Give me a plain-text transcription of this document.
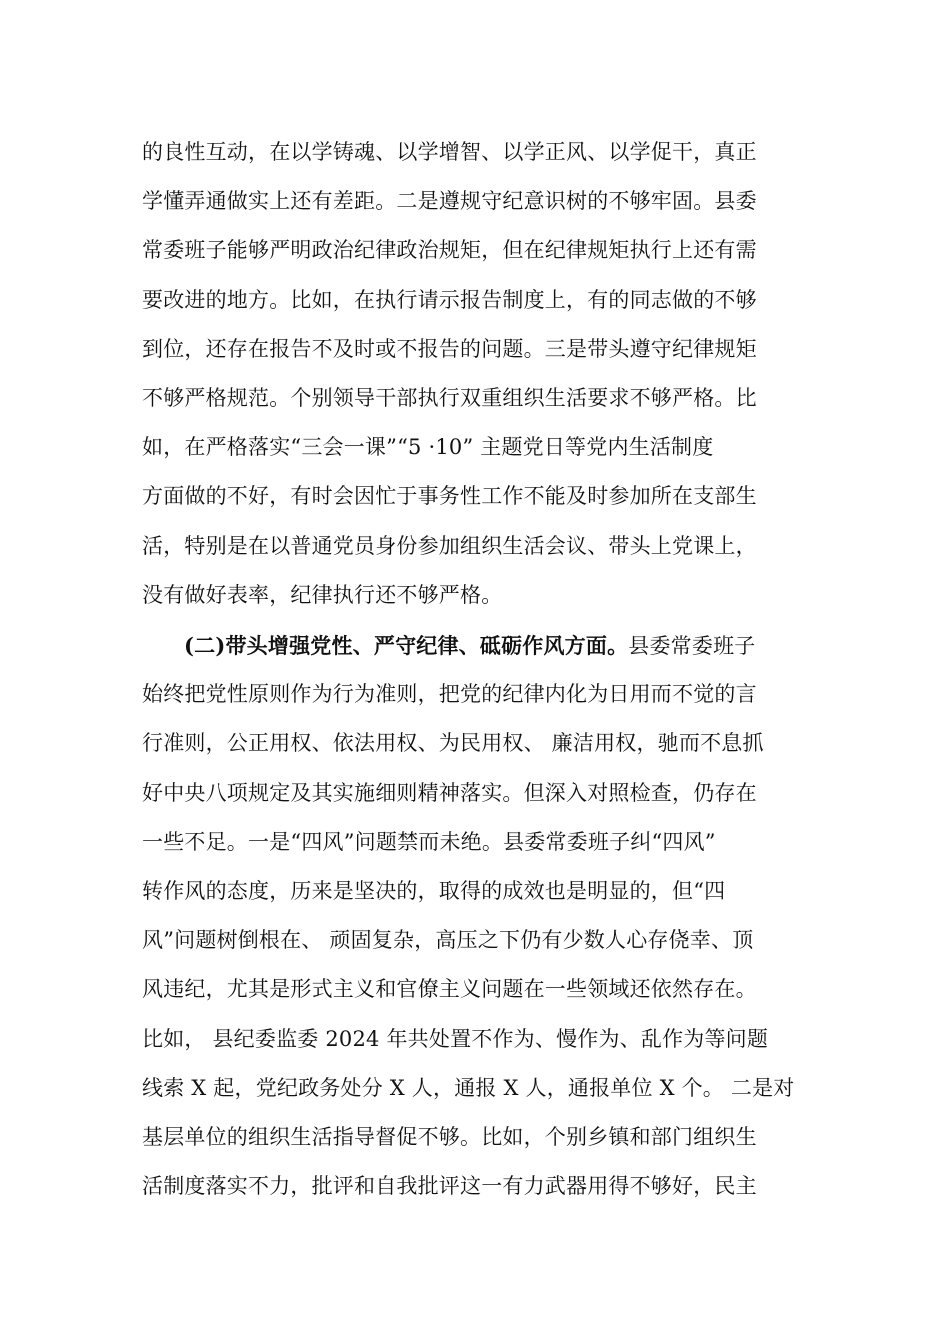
的良性互动，在以学铸魂、以学增智、以学正风、以学促干，真正
学懂弄通做实上还有差距。二是遵规守纪意识树的不够牢固。县委
常委班子能够严明政治纪律政治规矩，但在纪律规矩执行上还有需
要改进的地方。比如，在执行请示报告制度上，有的同志做的不够
到位，还存在报告不及时或不报告的问题。三是带头遵守纪律规矩
不够严格规范。个别领导干部执行双重组织生活要求不够严格。比
如，在严格落实“三会一课”“5 ·10” 主题党日等党内生活制度
方面做的不好，有时会因忙于事务性工作不能及时参加所在支部生
活，特别是在以普通党员身份参加组织生活会议、带头上党课上，
没有做好表率，纪律执行还不够严格。
(二)带头增强党性、严守纪律、砥砺作风方面。县委常委班子
始终把党性原则作为行为准则，把党的纪律内化为日用而不觉的言
行准则，公正用权、依法用权、为民用权、 廉洁用权，驰而不息抓
好中央八项规定及其实施细则精神落实。但深入对照检查，仍存在
一些不足。一是“四风”问题禁而未绝。县委常委班子纠“四风”
转作风的态度，历来是坚决的，取得的成效也是明显的，但“四
风”问题树倒根在、 顽固复杂，高压之下仍有少数人心存侥幸、顶
风违纪，尤其是形式主义和官僚主义问题在一些领域还依然存在。
比如， 县纪委监委 2024 年共处置不作为、慢作为、乱作为等问题
线索 X 起，党纪政务处分 X 人，通报 X 人，通报单位 X 个。 二是对
基层单位的组织生活指导督促不够。比如，个别乡镇和部门组织生
活制度落实不力，批评和自我批评这一有力武器用得不够好，民主
